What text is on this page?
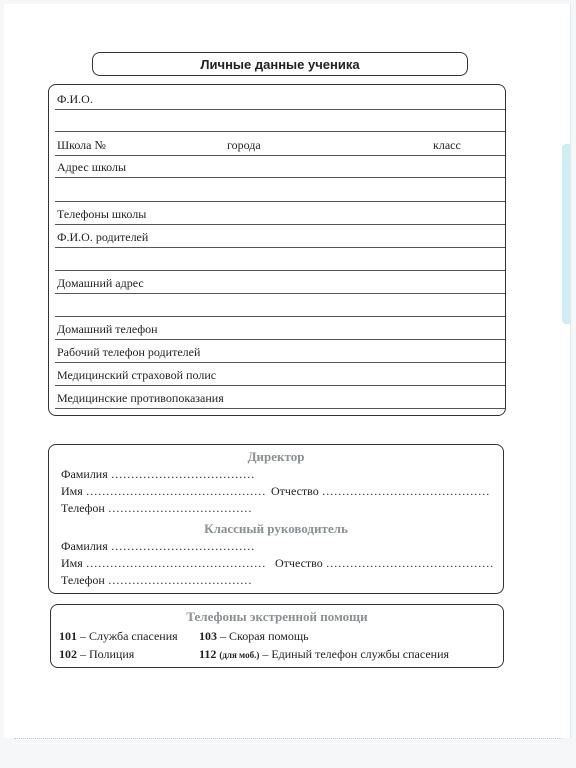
Личные данные ученика
Ф.И.О.
Школа №	города	класс
Адрес школы
Телефоны школы
Ф.И.О. родителей
Домашний адрес
Домашний телефон
Рабочий телефон родителей
Медицинский страховой полис
Медицинские противопоказания
Директор
Фамилия ………………………………
Имя ……………………………………… Отчество ……………………………………
Телефон ………………………………
Классный руководитель
Фамилия ………………………………
Имя ……………………………………… Отчество ……………………………………
Телефон ………………………………
Телефоны экстренной помощи
101 – Служба спасения 103 – Скорая помощь
102 – Полиция	112 (для моб.) – Единый телефон службы спасения
